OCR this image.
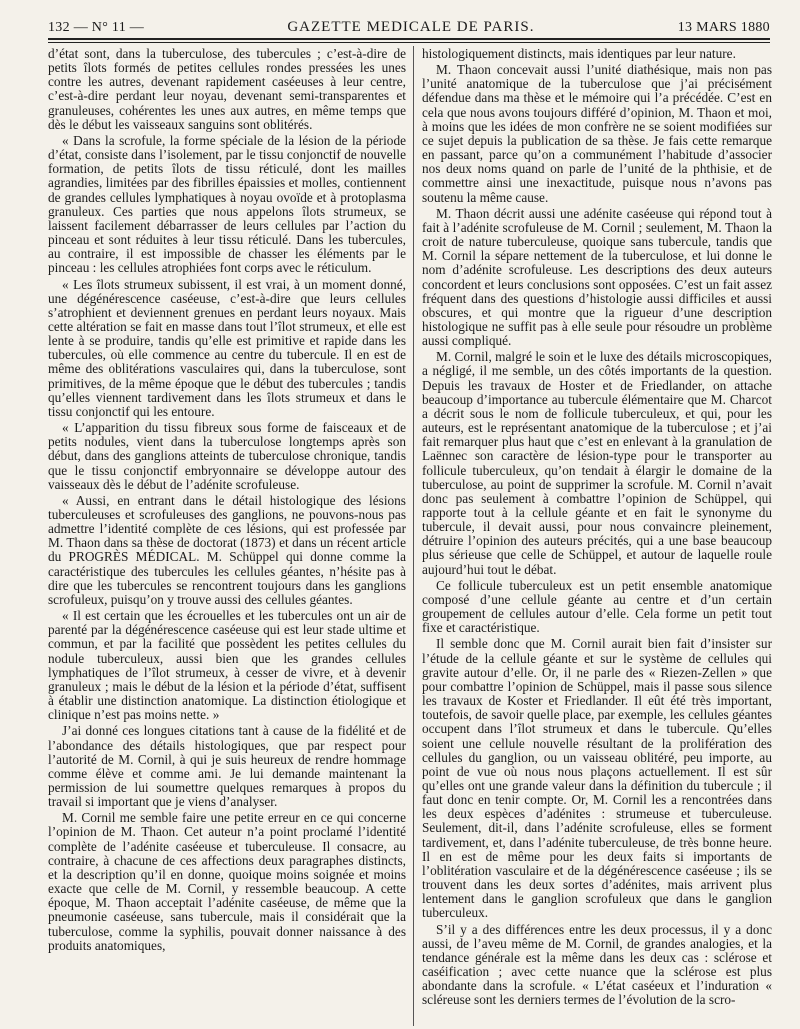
132 — N° 11 —	GAZETTE MEDICALE DE PARIS.	13 MARS 1880

d’état sont, dans la tuberculose, des tubercules ; c’est-à-dire de petits îlots formés de petites cellules rondes pressées les unes contre les autres, devenant rapidement caséeuses à leur centre, c’est-à-dire perdant leur noyau, devenant semi-transparentes et granuleuses, cohérentes les unes aux autres, en même temps que dès le début les vaisseaux sanguins sont oblitérés.

« Dans la scrofule, la forme spéciale de la lésion de la période d’état, consiste dans l’isolement, par le tissu conjonctif de nouvelle formation, de petits îlots de tissu réticulé, dont les mailles agrandies, limitées par des fibrilles épaissies et molles, contiennent de grandes cellules lymphatiques à noyau ovoïde et à protoplasma granuleux. Ces parties que nous appelons îlots strumeux, se laissent facilement débarrasser de leurs cellules par l’action du pinceau et sont réduites à leur tissu réticulé. Dans les tubercules, au contraire, il est impossible de chasser les éléments par le pinceau : les cellules atrophiées font corps avec le réticulum.

« Les îlots strumeux subissent, il est vrai, à un moment donné, une dégénérescence caséeuse, c’est-à-dire que leurs cellules s’atrophient et deviennent grenues en perdant leurs noyaux. Mais cette altération se fait en masse dans tout l’îlot strumeux, et elle est lente à se produire, tandis qu’elle est primitive et rapide dans les tubercules, où elle commence au centre du tubercule. Il en est de même des oblitérations vasculaires qui, dans la tuberculose, sont primitives, de la même époque que le début des tubercules ; tandis qu’elles viennent tardivement dans les îlots strumeux et dans le tissu conjonctif qui les entoure.

« L’apparition du tissu fibreux sous forme de faisceaux et de petits nodules, vient dans la tuberculose longtemps après son début, dans des ganglions atteints de tuberculose chronique, tandis que le tissu conjonctif embryonnaire se développe autour des vaisseaux dès le début de l’adénite scrofuleuse.

« Aussi, en entrant dans le détail histologique des lésions tuberculeuses et scrofuleuses des ganglions, ne pouvons-nous pas admettre l’identité complète de ces lésions, qui est professée par M. Thaon dans sa thèse de doctorat (1873) et dans un récent article du PROGRÈS MÉDICAL. M. Schüppel qui donne comme la caractéristique des tubercules les cellules géantes, n’hésite pas à dire que les tubercules se rencontrent toujours dans les ganglions scrofuleux, puisqu’on y trouve aussi des cellules géantes.

« Il est certain que les écrouelles et les tubercules ont un air de parenté par la dégénérescence caséeuse qui est leur stade ultime et commun, et par la facilité que possèdent les petites cellules du nodule tuberculeux, aussi bien que les grandes cellules lymphatiques de l’îlot strumeux, à cesser de vivre, et à devenir granuleux ; mais le début de la lésion et la période d’état, suffisent à établir une distinction anatomique. La distinction étiologique et clinique n’est pas moins nette. »

J’ai donné ces longues citations tant à cause de la fidélité et de l’abondance des détails histologiques, que par respect pour l’autorité de M. Cornil, à qui je suis heureux de rendre hommage comme élève et comme ami. Je lui demande maintenant la permission de lui soumettre quelques remarques à propos du travail si important que je viens d’analyser.

M. Cornil me semble faire une petite erreur en ce qui concerne l’opinion de M. Thaon. Cet auteur n’a point proclamé l’identité complète de l’adénite caséeuse et tuberculeuse. Il consacre, au contraire, à chacune de ces affections deux paragraphes distincts, et la description qu’il en donne, quoique moins soignée et moins exacte que celle de M. Cornil, y ressemble beaucoup. A cette époque, M. Thaon acceptait l’adénite caséeuse, de même que la pneumonie caséeuse, sans tubercule, mais il considérait que la tuberculose, comme la syphilis, pouvait donner naissance à des produits anatomiques,

histologiquement distincts, mais identiques par leur nature.

M. Thaon concevait aussi l’unité diathésique, mais non pas l’unité anatomique de la tuberculose que j’ai précisément défendue dans ma thèse et le mémoire qui l’a précédée. C’est en cela que nous avons toujours différé d’opinion, M. Thaon et moi, à moins que les idées de mon confrère ne se soient modifiées sur ce sujet depuis la publication de sa thèse. Je fais cette remarque en passant, parce qu’on a communément l’habitude d’associer nos deux noms quand on parle de l’unité de la phthisie, et de commettre ainsi une inexactitude, puisque nous n’avons pas soutenu la même cause.

M. Thaon décrit aussi une adénite caséeuse qui répond tout à fait à l’adénite scrofuleuse de M. Cornil ; seulement, M. Thaon la croit de nature tuberculeuse, quoique sans tubercule, tandis que M. Cornil la sépare nettement de la tuberculose, et lui donne le nom d’adénite scrofuleuse. Les descriptions des deux auteurs concordent et leurs conclusions sont opposées. C’est un fait assez fréquent dans des questions d’histologie aussi difficiles et aussi obscures, et qui montre que la rigueur d’une description histologique ne suffit pas à elle seule pour résoudre un problème aussi compliqué.

M. Cornil, malgré le soin et le luxe des détails microscopiques, a négligé, il me semble, un des côtés importants de la question. Depuis les travaux de Hoster et de Friedlander, on attache beaucoup d’importance au tubercule élémentaire que M. Charcot a décrit sous le nom de follicule tuberculeux, et qui, pour les auteurs, est le représentant anatomique de la tuberculose ; et j’ai fait remarquer plus haut que c’est en enlevant à la granulation de Laënnec son caractère de lésion-type pour le transporter au follicule tuberculeux, qu’on tendait à élargir le domaine de la tuberculose, au point de supprimer la scrofule. M. Cornil n’avait donc pas seulement à combattre l’opinion de Schüppel, qui rapporte tout à la cellule géante et en fait le synonyme du tubercule, il devait aussi, pour nous convaincre pleinement, détruire l’opinion des auteurs précités, qui a une base beaucoup plus sérieuse que celle de Schüppel, et autour de laquelle roule aujourd’hui tout le débat.

Ce follicule tuberculeux est un petit ensemble anatomique composé d’une cellule géante au centre et d’un certain groupement de cellules autour d’elle. Cela forme un petit tout fixe et caractéristique.

Il semble donc que M. Cornil aurait bien fait d’insister sur l’étude de la cellule géante et sur le système de cellules qui gravite autour d’elle. Or, il ne parle des « Riezen-Zellen » que pour combattre l’opinion de Schüppel, mais il passe sous silence les travaux de Koster et Friedlander. Il eût été très important, toutefois, de savoir quelle place, par exemple, les cellules géantes occupent dans l’îlot strumeux et dans le tubercule. Qu’elles soient une cellule nouvelle résultant de la prolifération des cellules du ganglion, ou un vaisseau oblitéré, peu importe, au point de vue où nous nous plaçons actuellement. Il est sûr qu’elles ont une grande valeur dans la définition du tubercule ; il faut donc en tenir compte. Or, M. Cornil les a rencontrées dans les deux espèces d’adénites : strumeuse et tuberculeuse. Seulement, dit-il, dans l’adénite scrofuleuse, elles se forment tardivement, et, dans l’adénite tuberculeuse, de très bonne heure. Il en est de même pour les deux faits si importants de l’oblitération vasculaire et de la dégénérescence caséeuse ; ils se trouvent dans les deux sortes d’adénites, mais arrivent plus lentement dans le ganglion scrofuleux que dans le ganglion tuberculeux.

S’il y a des différences entre les deux processus, il y a donc aussi, de l’aveu même de M. Cornil, de grandes analogies, et la tendance générale est la même dans les deux cas : sclérose et caséification ; avec cette nuance que la sclérose est plus abondante dans la scrofule. « L’état caséeux et l’induration « scléreuse sont les derniers termes de l’évolution de la scro-
